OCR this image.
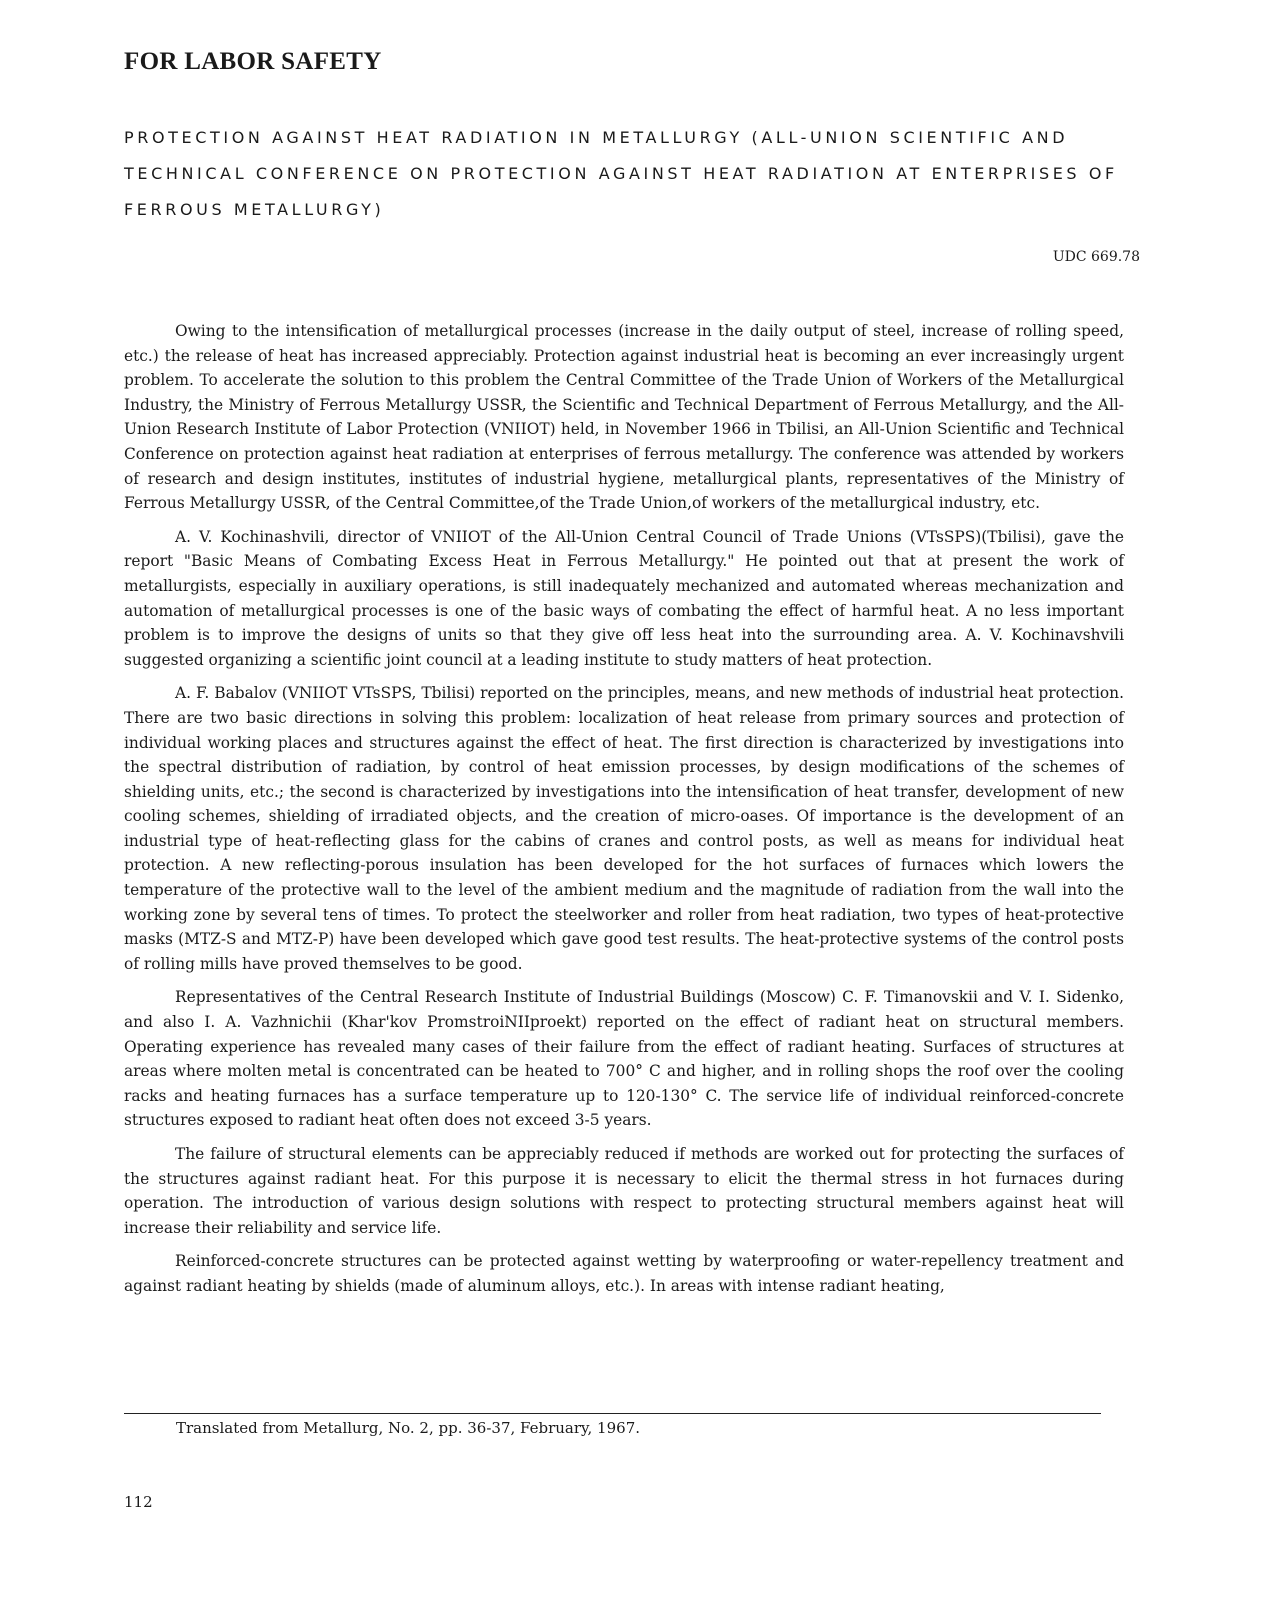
FOR LABOR SAFETY
PROTECTION AGAINST HEAT RADIATION IN METALLURGY (ALL-UNION SCIENTIFIC AND TECHNICAL CONFERENCE ON PROTECTION AGAINST HEAT RADIATION AT ENTERPRISES OF FERROUS METALLURGY)
UDC 669.78

Owing to the intensification of metallurgical processes (increase in the daily output of steel, increase of rolling speed, etc.) the release of heat has increased appreciably. Protection against industrial heat is becoming an ever increasingly urgent problem. To accelerate the solution to this problem the Central Committee of the Trade Union of Workers of the Metallurgical Industry, the Ministry of Ferrous Metallurgy USSR, the Scientific and Technical Department of Ferrous Metallurgy, and the All-Union Research Institute of Labor Protection (VNIIOT) held, in November 1966 in Tbilisi, an All-Union Scientific and Technical Conference on protection against heat radiation at enterprises of ferrous metallurgy. The conference was attended by workers of research and design institutes, institutes of industrial hygiene, metallurgical plants, representatives of the Ministry of Ferrous Metallurgy USSR, of the Central Committee,of the Trade Union,of workers of the metallurgical industry, etc.

A. V. Kochinashvili, director of VNIIOT of the All-Union Central Council of Trade Unions (VTsSPS)(Tbilisi), gave the report "Basic Means of Combating Excess Heat in Ferrous Metallurgy." He pointed out that at present the work of metallurgists, especially in auxiliary operations, is still inadequately mechanized and automated whereas mechanization and automation of metallurgical processes is one of the basic ways of combating the effect of harmful heat. A no less important problem is to improve the designs of units so that they give off less heat into the surrounding area. A. V. Kochinavshvili suggested organizing a scientific joint council at a leading institute to study matters of heat protection.

A. F. Babalov (VNIIOT VTsSPS, Tbilisi) reported on the principles, means, and new methods of industrial heat protection. There are two basic directions in solving this problem: localization of heat release from primary sources and protection of individual working places and structures against the effect of heat. The first direction is characterized by investigations into the spectral distribution of radiation, by control of heat emission processes, by design modifications of the schemes of shielding units, etc.; the second is characterized by investigations into the intensification of heat transfer, development of new cooling schemes, shielding of irradiated objects, and the creation of micro-oases. Of importance is the development of an industrial type of heat-reflecting glass for the cabins of cranes and control posts, as well as means for individual heat protection. A new reflecting-porous insulation has been developed for the hot surfaces of furnaces which lowers the temperature of the protective wall to the level of the ambient medium and the magnitude of radiation from the wall into the working zone by several tens of times. To protect the steelworker and roller from heat radiation, two types of heat-protective masks (MTZ-S and MTZ-P) have been developed which gave good test results. The heat-protective systems of the control posts of rolling mills have proved themselves to be good.

Representatives of the Central Research Institute of Industrial Buildings (Moscow) C. F. Timanovskii and V. I. Sidenko, and also I. A. Vazhnichii (Khar'kov PromstroiNIIproekt) reported on the effect of radiant heat on structural members. Operating experience has revealed many cases of their failure from the effect of radiant heating. Surfaces of structures at areas where molten metal is concentrated can be heated to 700° C and higher, and in rolling shops the roof over the cooling racks and heating furnaces has a surface temperature up to 120-130° C. The service life of individual reinforced-concrete structures exposed to radiant heat often does not exceed 3-5 years.

The failure of structural elements can be appreciably reduced if methods are worked out for protecting the surfaces of the structures against radiant heat. For this purpose it is necessary to elicit the thermal stress in hot furnaces during operation. The introduction of various design solutions with respect to protecting structural members against heat will increase their reliability and service life.

Reinforced-concrete structures can be protected against wetting by waterproofing or water-repellency treatment and against radiant heating by shields (made of aluminum alloys, etc.). In areas with intense radiant heating,

Translated from Metallurg, No. 2, pp. 36-37, February, 1967.
112
